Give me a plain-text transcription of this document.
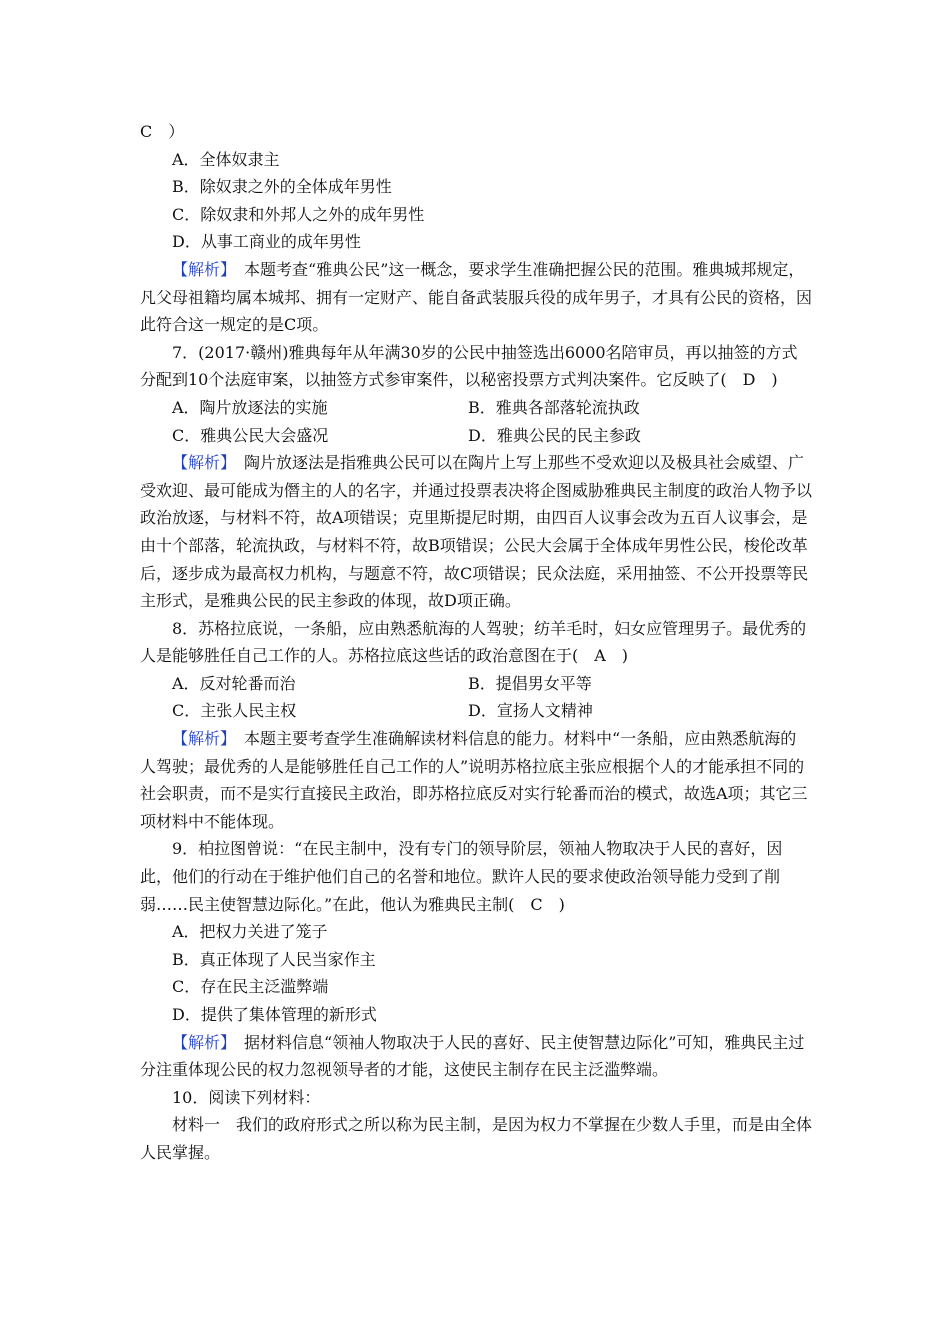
C　）

A．全体奴隶主

B．除奴隶之外的全体成年男性

C．除奴隶和外邦人之外的成年男性

D．从事工商业的成年男性

【解析】　本题考查“雅典公民”这一概念，要求学生准确把握公民的范围。雅典城邦规定，凡父母祖籍均属本城邦、拥有一定财产、能自备武装服兵役的成年男子，才具有公民的资格，因此符合这一规定的是C项。

7．(2017·赣州)雅典每年从年满30岁的公民中抽签选出6000名陪审员，再以抽签的方式分配到10个法庭审案，以抽签方式参审案件，以秘密投票方式判决案件。它反映了(　D　)

A．陶片放逐法的实施	B．雅典各部落轮流执政
C．雅典公民大会盛况	D．雅典公民的民主参政

【解析】　陶片放逐法是指雅典公民可以在陶片上写上那些不受欢迎以及极具社会威望、广受欢迎、最可能成为僭主的人的名字，并通过投票表决将企图威胁雅典民主制度的政治人物予以政治放逐，与材料不符，故A项错误；克里斯提尼时期，由四百人议事会改为五百人议事会，是由十个部落，轮流执政，与材料不符，故B项错误；公民大会属于全体成年男性公民，梭伦改革后，逐步成为最高权力机构，与题意不符，故C项错误；民众法庭，采用抽签、不公开投票等民主形式，是雅典公民的民主参政的体现，故D项正确。

8．苏格拉底说，一条船，应由熟悉航海的人驾驶；纺羊毛时，妇女应管理男子。最优秀的人是能够胜任自己工作的人。苏格拉底这些话的政治意图在于(　A　)

A．反对轮番而治	B．提倡男女平等
C．主张人民主权	D．宣扬人文精神

【解析】　本题主要考查学生准确解读材料信息的能力。材料中“一条船，应由熟悉航海的人驾驶；最优秀的人是能够胜任自己工作的人”说明苏格拉底主张应根据个人的才能承担不同的社会职责，而不是实行直接民主政治，即苏格拉底反对实行轮番而治的模式，故选A项；其它三项材料中不能体现。

9．柏拉图曾说：“在民主制中，没有专门的领导阶层，领袖人物取决于人民的喜好，因此，他们的行动在于维护他们自己的名誉和地位。默许人民的要求使政治领导能力受到了削弱……民主使智慧边际化。”在此，他认为雅典民主制(　C　)

A．把权力关进了笼子

B．真正体现了人民当家作主

C．存在民主泛滥弊端

D．提供了集体管理的新形式

【解析】　据材料信息“领袖人物取决于人民的喜好、民主使智慧边际化”可知，雅典民主过分注重体现公民的权力忽视领导者的才能，这使民主制存在民主泛滥弊端。

10．阅读下列材料：

材料一　我们的政府形式之所以称为民主制，是因为权力不掌握在少数人手里，而是由全体人民掌握。
